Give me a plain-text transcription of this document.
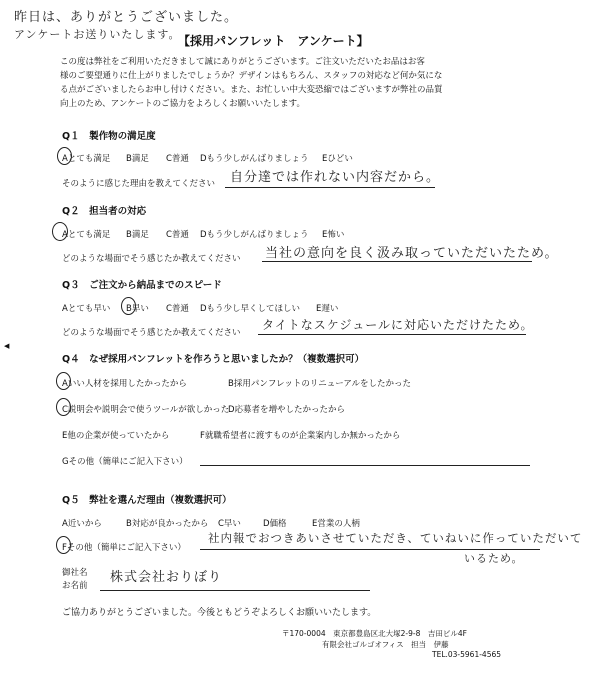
昨日は、ありがとうございました。
アンケートお送りいたします。
【採用パンフレット　アンケート】
この度は弊社をご利用いただきまして誠にありがとうございます。ご注文いただいたお品はお客
様のご要望通りに仕上がりましたでしょうか？デザインはもちろん、スタッフの対応など何か気にな
る点がございましたらお申し付けください。また、お忙しい中大変恐縮ではございますが弊社の品質
向上のため、アンケートのご協力をよろしくお願いいたします。
Q１　製作物の満足度
Aとても満足 B満足 C普通 Dもう少しがんばりましょう Eひどい
そのように感じた理由を教えてください 自分達では作れない内容だから。
Q２　担当者の対応
Aとても満足 B満足 C普通 Dもう少しがんばりましょう E怖い
どのような場面でそう感じたか教えてください 当社の意向を良く汲み取っていただいたため。
Q３　ご注文から納品までのスピード
Aとても早い B早い C普通 Dもう少し早くしてほしい E遅い
どのような場面でそう感じたか教えてください
タイトなスケジュールに対応いただけたため。
◀
Q４　なぜ採用パンフレットを作ろうと思いましたか？（複数選択可）
Aいい人材を採用したかったから	B採用パンフレットのリニューアルをしたかった
C説明会や説明会で使うツールが欲しかった
D応募者を増やしたかったから
E他の企業が使っていたから	F就職希望者に渡すものが企業案内しか無かったから
Gその他（簡単にご記入下さい）
Q５　弊社を選んだ理由（複数選択可）
A近いから	B対応が良かったから C早い	D価格	E営業の人柄
Fその他（簡単にご記入下さい）
社内報でおつきあいさせていただき、ていねいに作っていただいて
いるため。
御社名
お名前
株式会社おりぼり
ご協力ありがとうございました。今後ともどうぞよろしくお願いいたします。
〒170-0004　東京都豊島区北大塚2-9-8　吉田ビル4F
有限会社ゴルゴオフィス　担当　伊藤
TEL.03-5961-4565
